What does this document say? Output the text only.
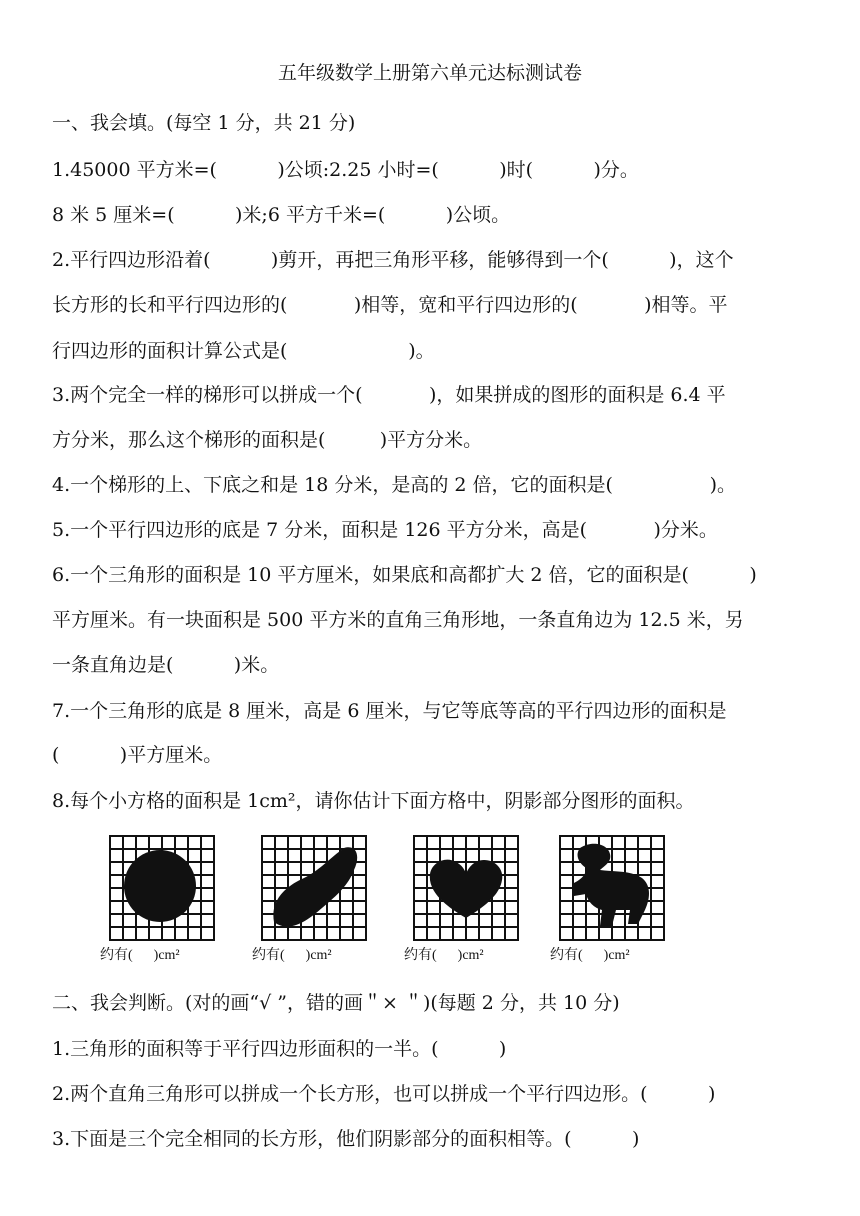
五年级数学上册第六单元达标测试卷
一、我会填。(每空 1 分，共 21 分)
1.45000 平方米=(          )公顷:2.25 小时=(          )时(          )分。
8 米 5 厘米=(          )米;6 平方千米=(          )公顷。
2.平行四边形沿着(          )剪开，再把三角形平移，能够得到一个(          )，这个
长方形的长和平行四边形的(           )相等，宽和平行四边形的(           )相等。平
行四边形的面积计算公式是(                    )。
3.两个完全一样的梯形可以拼成一个(           )，如果拼成的图形的面积是 6.4 平
方分米，那么这个梯形的面积是(         )平方分米。
4.一个梯形的上、下底之和是 18 分米，是高的 2 倍，它的面积是(                )。
5.一个平行四边形的底是 7 分米，面积是 126 平方分米，高是(           )分米。
6.一个三角形的面积是 10 平方厘米，如果底和高都扩大 2 倍，它的面积是(          )
平方厘米。有一块面积是 500 平方米的直角三角形地，一条直角边为 12.5 米，另
一条直角边是(          )米。
7.一个三角形的底是 8 厘米，高是 6 厘米，与它等底等高的平行四边形的面积是
(          )平方厘米。
8.每个小方格的面积是 1cm²，请你估计下面方格中，阴影部分图形的面积。
约有(      )cm²	约有(      )cm²	约有(      )cm²	约有(      )cm²
二、我会判断。(对的画“√ ”，错的画＂× ＂)(每题 2 分，共 10 分)
1.三角形的面积等于平行四边形面积的一半。(          )
2.两个直角三角形可以拼成一个长方形，也可以拼成一个平行四边形。(          )
3.下面是三个完全相同的长方形，他们阴影部分的面积相等。(          )
